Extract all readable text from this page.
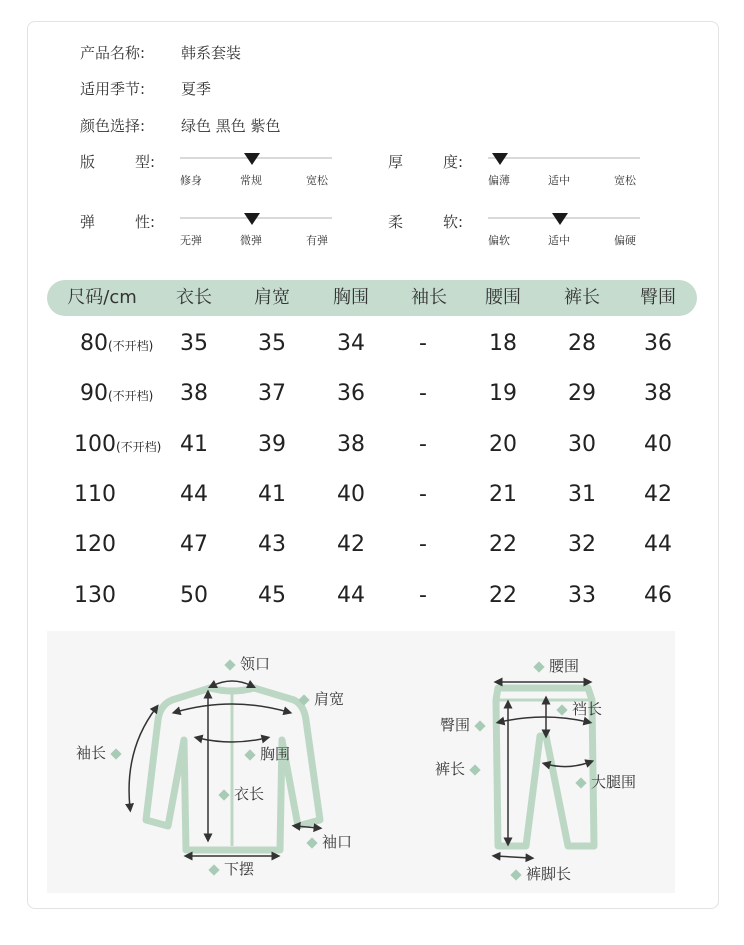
产品名称: 韩系套装
适用季节: 夏季
颜色选择: 绿色 黑色 紫色
版	型:
修身	常规	宽松
厚	度:
偏薄	适中	宽松
弹	性:
无弹	微弹	有弹
柔	软:
偏软	适中	偏硬
尺码/cm	衣长	肩宽	胸围	袖长	腰围	裤长	臀围
80(不开档)	35	35	34	-	18	28	36
90(不开档)	38	37	36	-	19	29	38
100(不开档) 41	39	38	-	20	30	40
110	44	41	40	-	21	31	42
120	47	43	42	-	22	32	44
130	50	45	44	-	22	33	46
领口
肩宽
袖长	胸围
衣长
袖口
下摆
腰围
裆长
臀围
裤长
大腿围
裤脚长
